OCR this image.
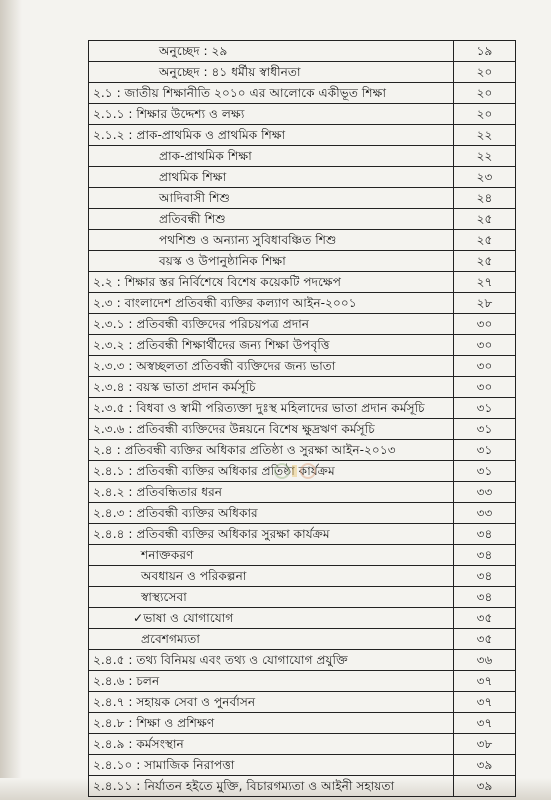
অনুচ্ছেদ : ২৯	১৯
অনুচ্ছেদ : ৪১ ধর্মীয় স্বাধীনতা	২০
২.১ : জাতীয় শিক্ষানীতি ২০১০ এর আলোকে একীভূত শিক্ষা	২০
২.১.১ : শিক্ষার উদ্দেশ্য ও লক্ষ্য	২০
২.১.২ : প্রাক-প্রাথমিক ও প্রাথমিক শিক্ষা	২২
প্রাক-প্রাথমিক শিক্ষা	২২
প্রাথমিক শিক্ষা	২৩
আদিবাসী শিশু	২৪
প্রতিবন্ধী শিশু	২৫
পথশিশু ও অন্যান্য সুবিধাবঞ্চিত শিশু	২৫
বয়স্ক ও উপানুষ্ঠানিক শিক্ষা	২৫
২.২ : শিক্ষার স্তর নির্বিশেষে বিশেষ কয়েকটি পদক্ষেপ	২৭
২.৩ : বাংলাদেশ প্রতিবন্ধী ব্যক্তির কল্যাণ আইন-২০০১	২৮
২.৩.১ : প্রতিবন্ধী ব্যক্তিদের পরিচয়পত্র প্রদান	৩০
২.৩.২ : প্রতিবন্ধী শিক্ষার্থীদের জন্য শিক্ষা উপবৃত্তি	৩০
২.৩.৩ : অস্বচ্ছলতা প্রতিবন্ধী ব্যক্তিদের জন্য ভাতা	৩০
২.৩.৪ : বয়স্ক ভাতা প্রদান কর্মসূচি	৩০
২.৩.৫ : বিধবা ও স্বামী পরিত্যক্তা দুঃস্থ মহিলাদের ভাতা প্রদান কর্মসূচি	৩১
২.৩.৬ : প্রতিবন্ধী ব্যক্তিদের উন্নয়নে বিশেষ ক্ষুদ্রঋণ কর্মসূচি	৩১
২.৪ : প্রতিবন্ধী ব্যক্তির অধিকার প্রতিষ্ঠা ও সুরক্ষা আইন-২০১৩	৩১
২.৪.১ : প্রতিবন্ধী ব্যক্তির অধিকার প্রতিষ্ঠা কার্যক্রম	৩১
২.৪.২ : প্রতিবন্ধিতার ধরন	৩৩
২.৪.৩ : প্রতিবন্ধী ব্যক্তির অধিকার	৩৩
২.৪.৪ : প্রতিবন্ধী ব্যক্তির অধিকার সুরক্ষা কার্যক্রম	৩৪
শনাক্তকরণ	৩৪
অবধায়ন ও পরিকল্পনা	৩৪
স্বাস্থ্যসেবা	৩৪
✓ভাষা ও যোগাযোগ	৩৫
প্রবেশগম্যতা	৩৫
২.৪.৫ : তথ্য বিনিময় এবং তথ্য ও যোগাযোগ প্রযুক্তি	৩৬
২.৪.৬ : চলন	৩৭
২.৪.৭ : সহায়ক সেবা ও পুনর্বাসন	৩৭
২.৪.৮ : শিক্ষা ও প্রশিক্ষণ	৩৭
২.৪.৯ : কর্মসংস্থান	৩৮
২.৪.১০ : সামাজিক নিরাপত্তা	৩৯
২.৪.১১ : নির্যাতন হইতে মুক্তি, বিচারগম্যতা ও আইনী সহায়তা	৩৯
